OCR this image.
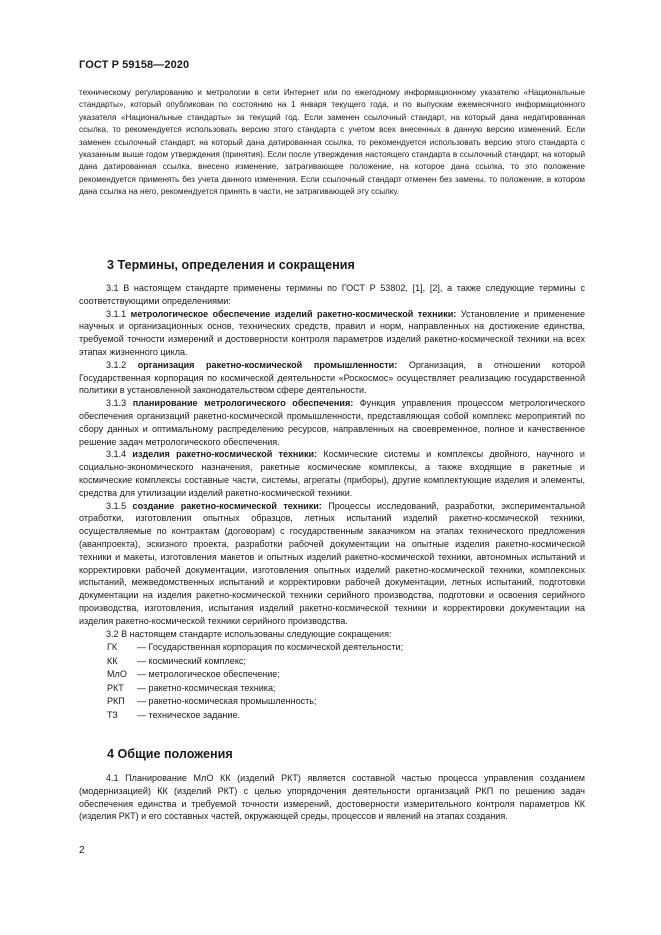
ГОСТ Р 59158—2020

техническому регулированию и метрологии в сети Интернет или по ежегодному информационному указателю «Национальные стандарты», который опубликован по состоянию на 1 января текущего года, и по выпускам ежемесячного информационного указателя «Национальные стандарты» за текущий год. Если заменен ссылочный стандарт, на который дана недатированная ссылка, то рекомендуется использовать версию этого стандарта с учетом всех внесенных в данную версию изменений. Если заменен ссылочный стандарт, на который дана датированная ссылка, то рекомендуется использовать версию этого стандарта с указанным выше годом утверждения (принятия). Если после утверждения настоящего стандарта в ссылочный стандарт, на который дана датированная ссылка, внесено изменение, затрагивающее положение, на которое дана ссылка, то это положение рекомендуется применять без учета данного изменения. Если ссылочный стандарт отменен без замены, то положение, в котором дана ссылка на него, рекомендуется принять в части, не затрагивающей эту ссылку.

3 Термины, определения и сокращения

3.1 В настоящем стандарте применены термины по ГОСТ Р 53802, [1], [2], а также следующие термины с соответствующими определениями:

3.1.1 метрологическое обеспечение изделий ракетно-космической техники: Установление и применение научных и организационных основ, технических средств, правил и норм, направленных на достижение единства, требуемой точности измерений и достоверности контроля параметров изделий ракетно-космической техники на всех этапах жизненного цикла.

3.1.2 организация ракетно-космической промышленности: Организация, в отношении которой Государственная корпорация по космической деятельности «Роскосмос» осуществляет реализацию государственной политики в установленной законодательством сфере деятельности.

3.1.3 планирование метрологического обеспечения: Функция управления процессом метрологического обеспечения организаций ракетно-космической промышленности, представляющая собой комплекс мероприятий по сбору данных и оптимальному распределению ресурсов, направленных на своевременное, полное и качественное решение задач метрологического обеспечения.

3.1.4 изделия ракетно-космической техники: Космические системы и комплексы двойного, научного и социально-экономического назначения, ракетные космические комплексы, а также входящие в ракетные и космические комплексы составные части, системы, агрегаты (приборы), другие комплектующие изделия и элементы, средства для утилизации изделий ракетно-космической техники.

3.1.5 создание ракетно-космической техники: Процессы исследований, разработки, экспериментальной отработки, изготовления опытных образцов, летных испытаний изделий ракетно-космической техники, осуществляемые по контрактам (договорам) с государственным заказчиком на этапах технического предложения (аванпроекта), эскизного проекта, разработки рабочей документации на опытные изделия ракетно-космической техники и макеты, изготовления макетов и опытных изделий ракетно-космической техники, автономных испытаний и корректировки рабочей документации, изготовления опытных изделий ракетно-космической техники, комплексных испытаний, межведомственных испытаний и корректировки рабочей документации, летных испытаний, подготовки документации на изделия ракетно-космической техники серийного производства, подготовки и освоения серийного производства, изготовления, испытания изделий ракетно-космической техники и корректировки документации на изделия ракетно-космической техники серийного производства.

3.2 В настоящем стандарте использованы следующие сокращения:

ГК	— Государственная корпорация по космической деятельности;
КК	— космический комплекс;
МлО	— метрологическое обеспечение;
РКТ	— ракетно-космическая техника;
РКП	— ракетно-космическая промышленность;
ТЗ	— техническое задание.
4 Общие положения

4.1 Планирование МлО КК (изделий РКТ) является составной частью процесса управления созданием (модернизацией) КК (изделий РКТ) с целью упорядочения деятельности организаций РКП по решению задач обеспечения единства и требуемой точности измерений, достоверности измерительного контроля параметров КК (изделия РКТ) и его составных частей, окружающей среды, процессов и явлений на этапах создания.

2
